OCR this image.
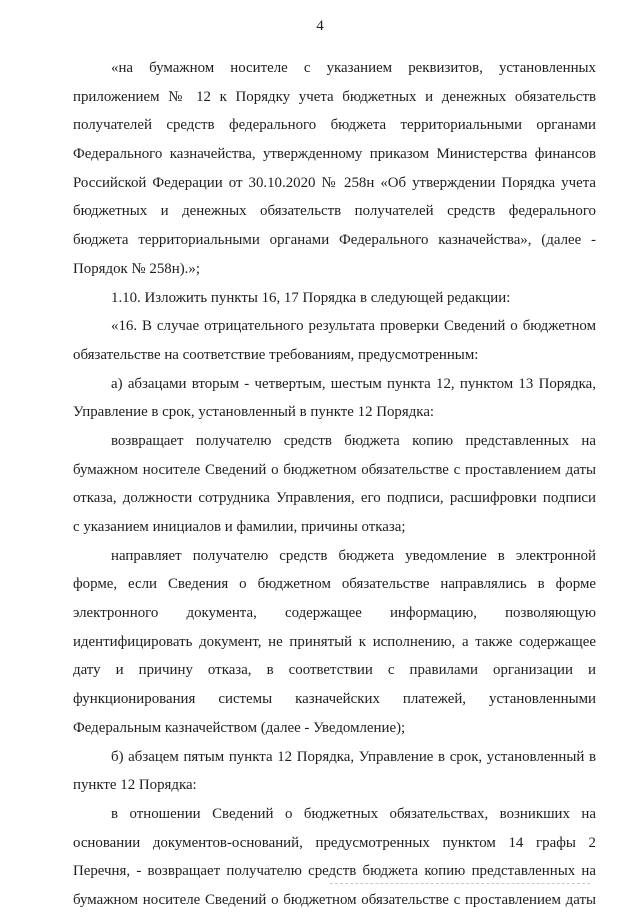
4
«на бумажном носителе с указанием реквизитов, установленных
приложением № 12 к Порядку учета бюджетных и денежных обязательств
получателей средств федерального бюджета территориальными органами
Федерального казначейства, утвержденному приказом Министерства финансов
Российской Федерации от 30.10.2020 № 258н «Об утверждении Порядка учета
бюджетных и денежных обязательств получателей средств федерального
бюджета территориальными органами Федерального казначейства», (далее -
Порядок № 258н).»;
1.10. Изложить пункты 16, 17 Порядка в следующей редакции:
«16. В случае отрицательного результата проверки Сведений о бюджетном
обязательстве на соответствие требованиям, предусмотренным:
а) абзацами вторым - четвертым, шестым пункта 12, пунктом 13 Порядка,
Управление в срок, установленный в пункте 12 Порядка:
возвращает получателю средств бюджета копию представленных на
бумажном носителе Сведений о бюджетном обязательстве с проставлением даты
отказа, должности сотрудника Управления, его подписи, расшифровки подписи
с указанием инициалов и фамилии, причины отказа;
направляет получателю средств бюджета уведомление в электронной
форме, если Сведения о бюджетном обязательстве направлялись в форме
электронного документа, содержащее информацию, позволяющую
идентифицировать документ, не принятый к исполнению, а также содержащее
дату и причину отказа, в соответствии с правилами организации и
функционирования системы казначейских платежей, установленными
Федеральным казначейством (далее - Уведомление);
б) абзацем пятым пункта 12 Порядка, Управление в срок, установленный в
пункте 12 Порядка:
в отношении Сведений о бюджетных обязательствах, возникших на
основании документов-оснований, предусмотренных пунктом 14 графы 2
Перечня, - возвращает получателю средств бюджета копию представленных на
бумажном носителе Сведений о бюджетном обязательстве с проставлением даты
